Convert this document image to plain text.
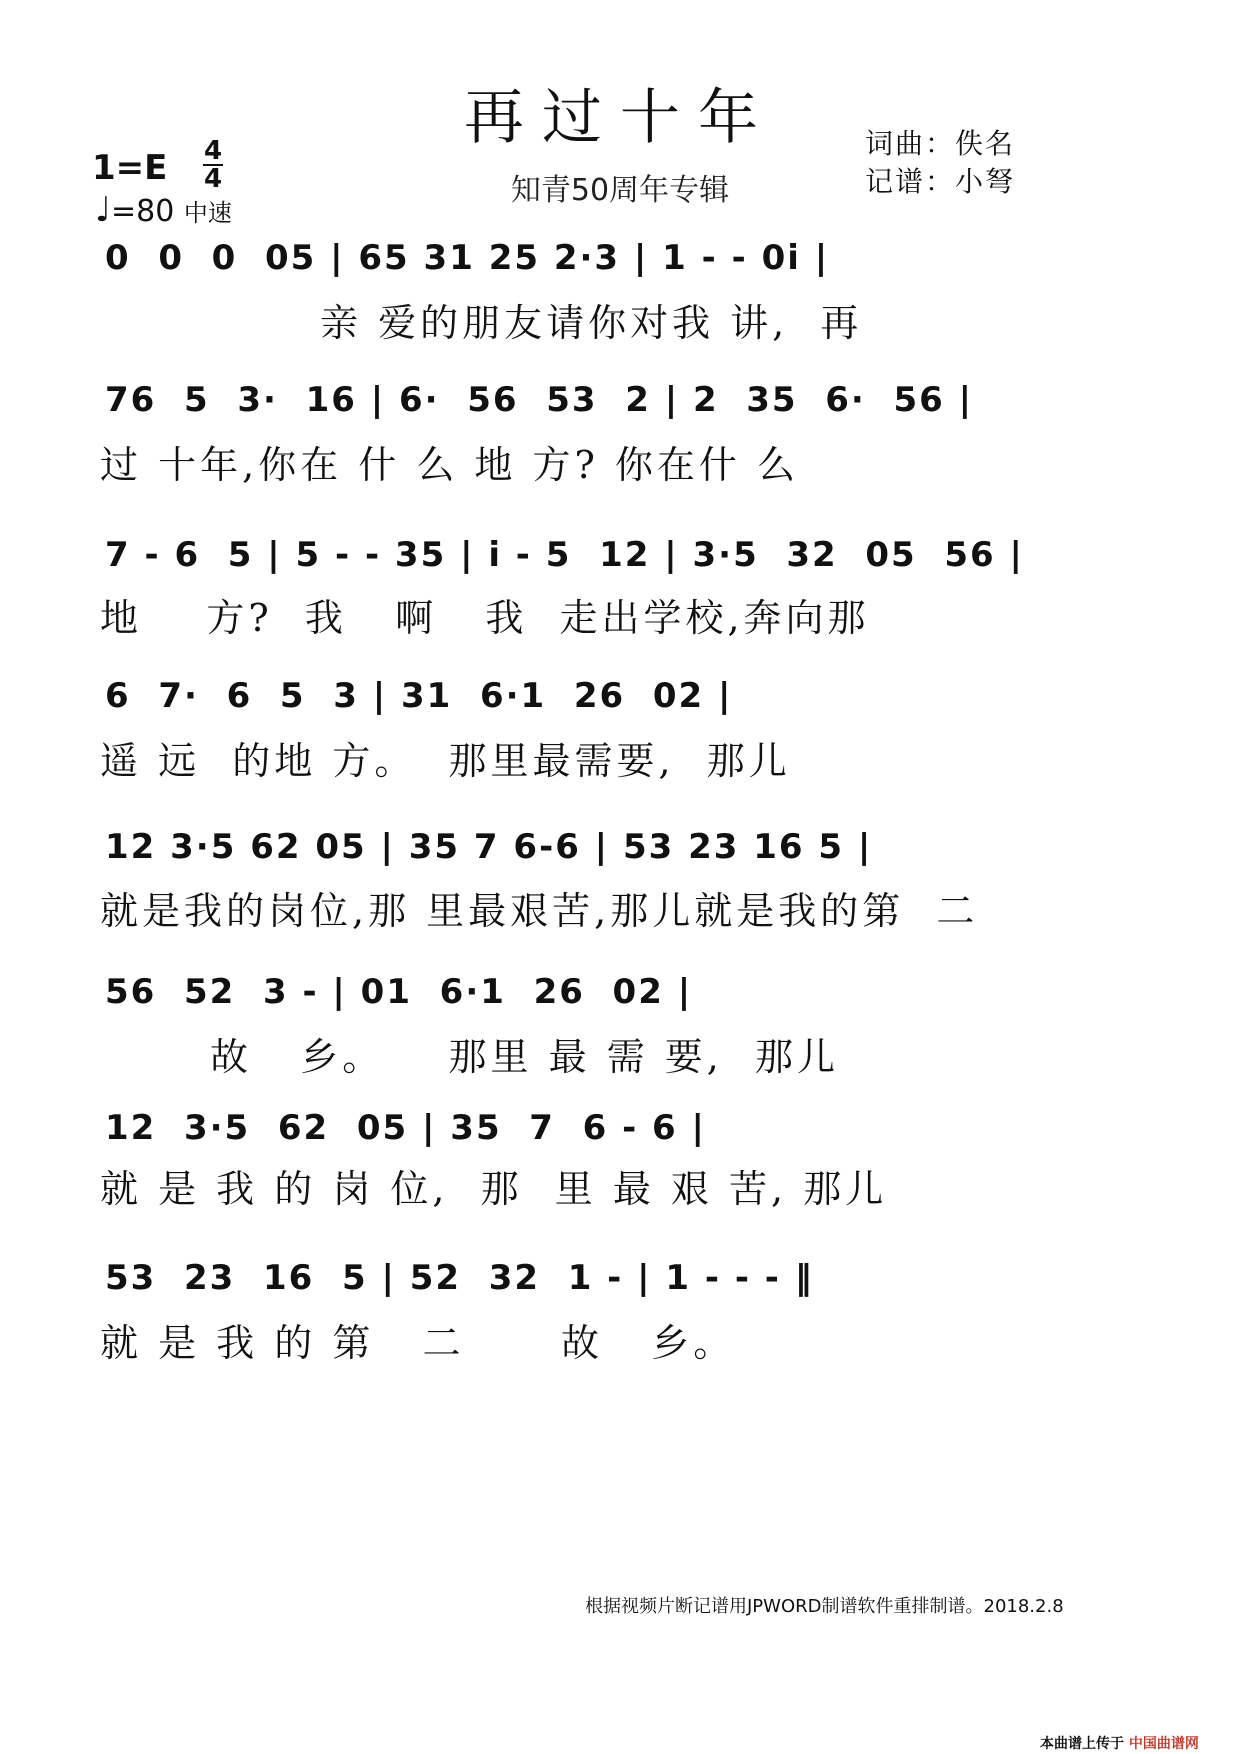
再过十年
知青50周年专辑
词曲：佚名
记谱：小弩
1=E 4
4
♩=80 中速
0  0  0  05 | 65 31 25 2·3 | 1 - - 0i |
亲 爱的朋友请你对我 讲,  再
76  5  3·  16 | 6·  56  53  2 | 2  35  6·  56 |
过 十年,你在 什 么 地 方? 你在什 么
7 - 6  5 | 5 - - 35 | i - 5  12 | 3·5  32  05  56 |
地    方?  我   啊   我  走出学校,奔向那
6  7·  6  5  3 | 31  6·1  26  02 |
遥 远  的地 方。  那里最需要,  那儿
12 3·5 62 05 | 35 7 6-6 | 53 23 16 5 |
就是我的岗位,那 里最艰苦,那儿就是我的第  二
56  52  3 - | 01  6·1  26  02 |
故   乡。    那里 最 需 要,  那儿
12  3·5  62  05 | 35  7  6 - 6 |
就 是 我 的 岗 位,  那  里 最 艰 苦, 那儿
53  23  16  5 | 52  32  1 - | 1 - - - ‖
就 是 我 的 第   二      故   乡。
根据视频片断记谱用JPWORD制谱软件重排制谱。2018.2.8
本曲谱上传于 中国曲谱网
